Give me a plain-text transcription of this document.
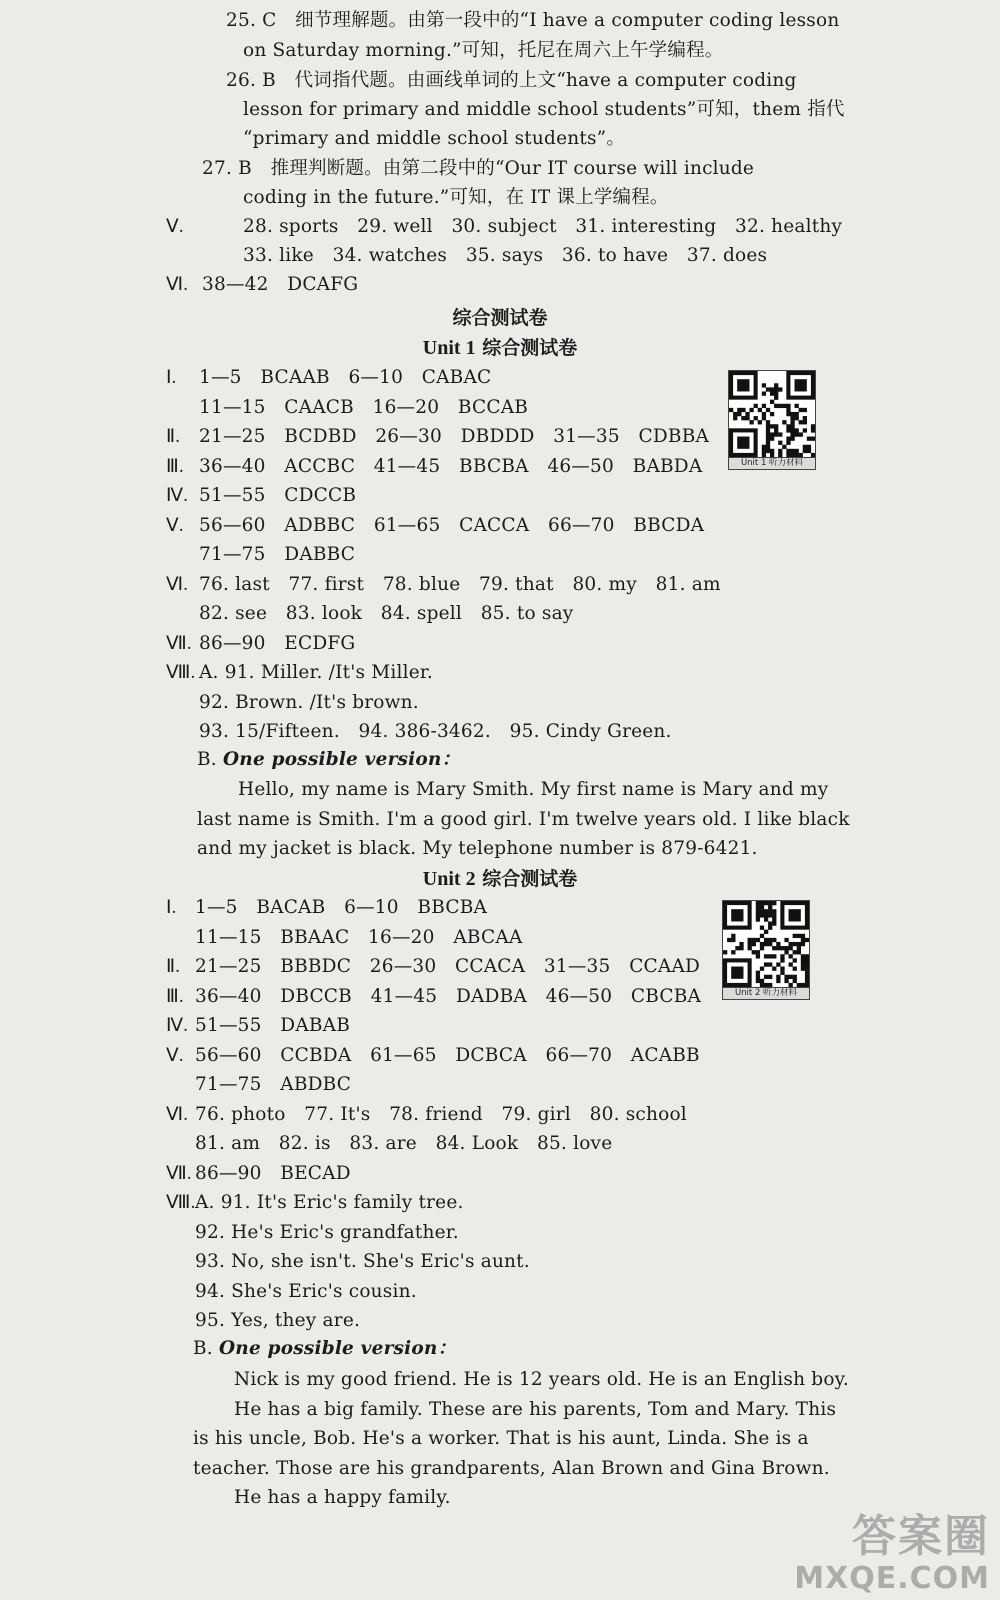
25. C　细节理解题。由第一段中的“I have a computer coding lesson
on Saturday morning.”可知，托尼在周六上午学编程。
26. B　代词指代题。由画线单词的上文“have a computer coding
lesson for primary and middle school students”可知，them 指代
“primary and middle school students”。
27. B　推理判断题。由第二段中的“Our IT course will include
coding in the future.”可知，在 IT 课上学编程。
Ⅴ.	28. sports　29. well　30. subject　31. interesting　32. healthy
33. like　34. watches　35. says　36. to have　37. does
Ⅵ. 38—42　DCAFG
综合测试卷
Unit 1 综合测试卷
Ⅰ.	1—5　BCAAB　6—10　CABAC
11—15　CAACB　16—20　BCCAB
Ⅱ.	21—25　BCDBD　26—30　DBDDD　31—35　CDBBA
Ⅲ. 36—40　ACCBC　41—45　BBCBA　46—50　BABDA
Ⅳ. 51—55　CDCCB
Ⅴ. 56—60　ADBBC　61—65　CACCA　66—70　BBCDA
71—75　DABBC
Ⅵ. 76. last　77. first　78. blue　79. that　80. my　81. am
82. see　83. look　84. spell　85. to say
Ⅶ. 86—90　ECDFG
Ⅷ. A. 91. Miller. /It's Miller.
92. Brown. /It's brown.
93. 15/Fifteen.　94. 386-3462.　95. Cindy Green.
Unit 1 听力材料
B. One possible version：
Hello, my name is Mary Smith. My first name is Mary and my
last name is Smith. I'm a good girl. I'm twelve years old. I like black
and my jacket is black. My telephone number is 879-6421.
Unit 2 综合测试卷
Ⅰ.	1—5　BACAB　6—10　BBCBA
11—15　BBAAC　16—20　ABCAA
Ⅱ. 21—25　BBBDC　26—30　CCACA　31—35　CCAAD
Ⅲ. 36—40　DBCCB　41—45　DADBA　46—50　CBCBA
Ⅳ. 51—55　DABAB
Ⅴ. 56—60　CCBDA　61—65　DCBCA　66—70　ACABB
71—75　ABDBC
Ⅵ. 76. photo　77. It's　78. friend　79. girl　80. school
81. am　82. is　83. are　84. Look　85. love
Ⅶ. 86—90　BECAD
Ⅷ. A. 91. It's Eric's family tree.
92. He's Eric's grandfather.
93. No, she isn't. She's Eric's aunt.
94. She's Eric's cousin.
95. Yes, they are.
Unit 2 听力材料
B. One possible version：
Nick is my good friend. He is 12 years old. He is an English boy.
He has a big family. These are his parents, Tom and Mary. This
is his uncle, Bob. He's a worker. That is his aunt, Linda. She is a
teacher. Those are his grandparents, Alan Brown and Gina Brown.
He has a happy family.
答案圈
MXQE.COM
